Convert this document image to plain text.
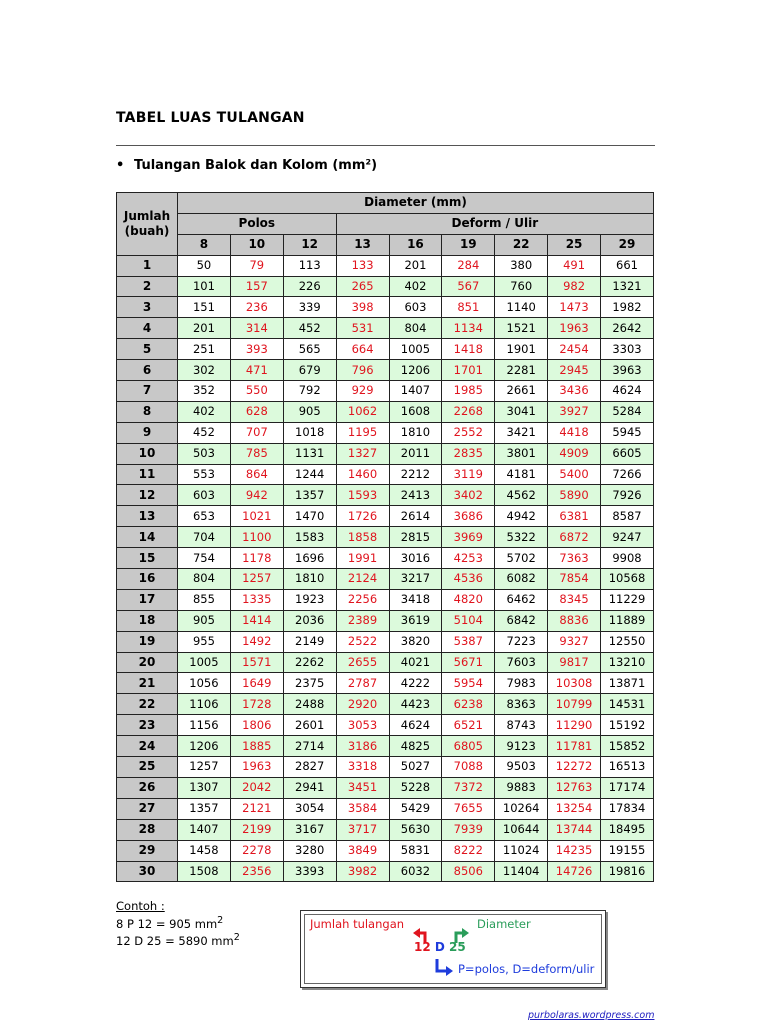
TABEL LUAS TULANGAN
• Tulangan Balok dan Kolom (mm²)
Jumlah
(buah)	Diameter (mm)								
	Polos			Deform / Ulir					
	8	10	12	13	16	19	22	25	29
1	50	79	113	133	201	284	380	491	661
2	101	157	226	265	402	567	760	982	1321
3	151	236	339	398	603	851	1140	1473	1982
4	201	314	452	531	804	1134	1521	1963	2642
5	251	393	565	664	1005	1418	1901	2454	3303
6	302	471	679	796	1206	1701	2281	2945	3963
7	352	550	792	929	1407	1985	2661	3436	4624
8	402	628	905	1062	1608	2268	3041	3927	5284
9	452	707	1018	1195	1810	2552	3421	4418	5945
10	503	785	1131	1327	2011	2835	3801	4909	6605
11	553	864	1244	1460	2212	3119	4181	5400	7266
12	603	942	1357	1593	2413	3402	4562	5890	7926
13	653	1021	1470	1726	2614	3686	4942	6381	8587
14	704	1100	1583	1858	2815	3969	5322	6872	9247
15	754	1178	1696	1991	3016	4253	5702	7363	9908
16	804	1257	1810	2124	3217	4536	6082	7854	10568
17	855	1335	1923	2256	3418	4820	6462	8345	11229
18	905	1414	2036	2389	3619	5104	6842	8836	11889
19	955	1492	2149	2522	3820	5387	7223	9327	12550
20	1005	1571	2262	2655	4021	5671	7603	9817	13210
21	1056	1649	2375	2787	4222	5954	7983	10308	13871
22	1106	1728	2488	2920	4423	6238	8363	10799	14531
23	1156	1806	2601	3053	4624	6521	8743	11290	15192
24	1206	1885	2714	3186	4825	6805	9123	11781	15852
25	1257	1963	2827	3318	5027	7088	9503	12272	16513
26	1307	2042	2941	3451	5228	7372	9883	12763	17174
27	1357	2121	3054	3584	5429	7655	10264	13254	17834
28	1407	2199	3167	3717	5630	7939	10644	13744	18495
29	1458	2278	3280	3849	5831	8222	11024	14235	19155
30	1508	2356	3393	3982	6032	8506	11404	14726	19816
Contoh :
8 P 12 = 905 $mm^2$
12 D 25 = 5890 $mm^2$
Jumlah tulangan	Diameter
12 D 25
P=polos, D=deform/ulir
purbolaras.wordpress.com
